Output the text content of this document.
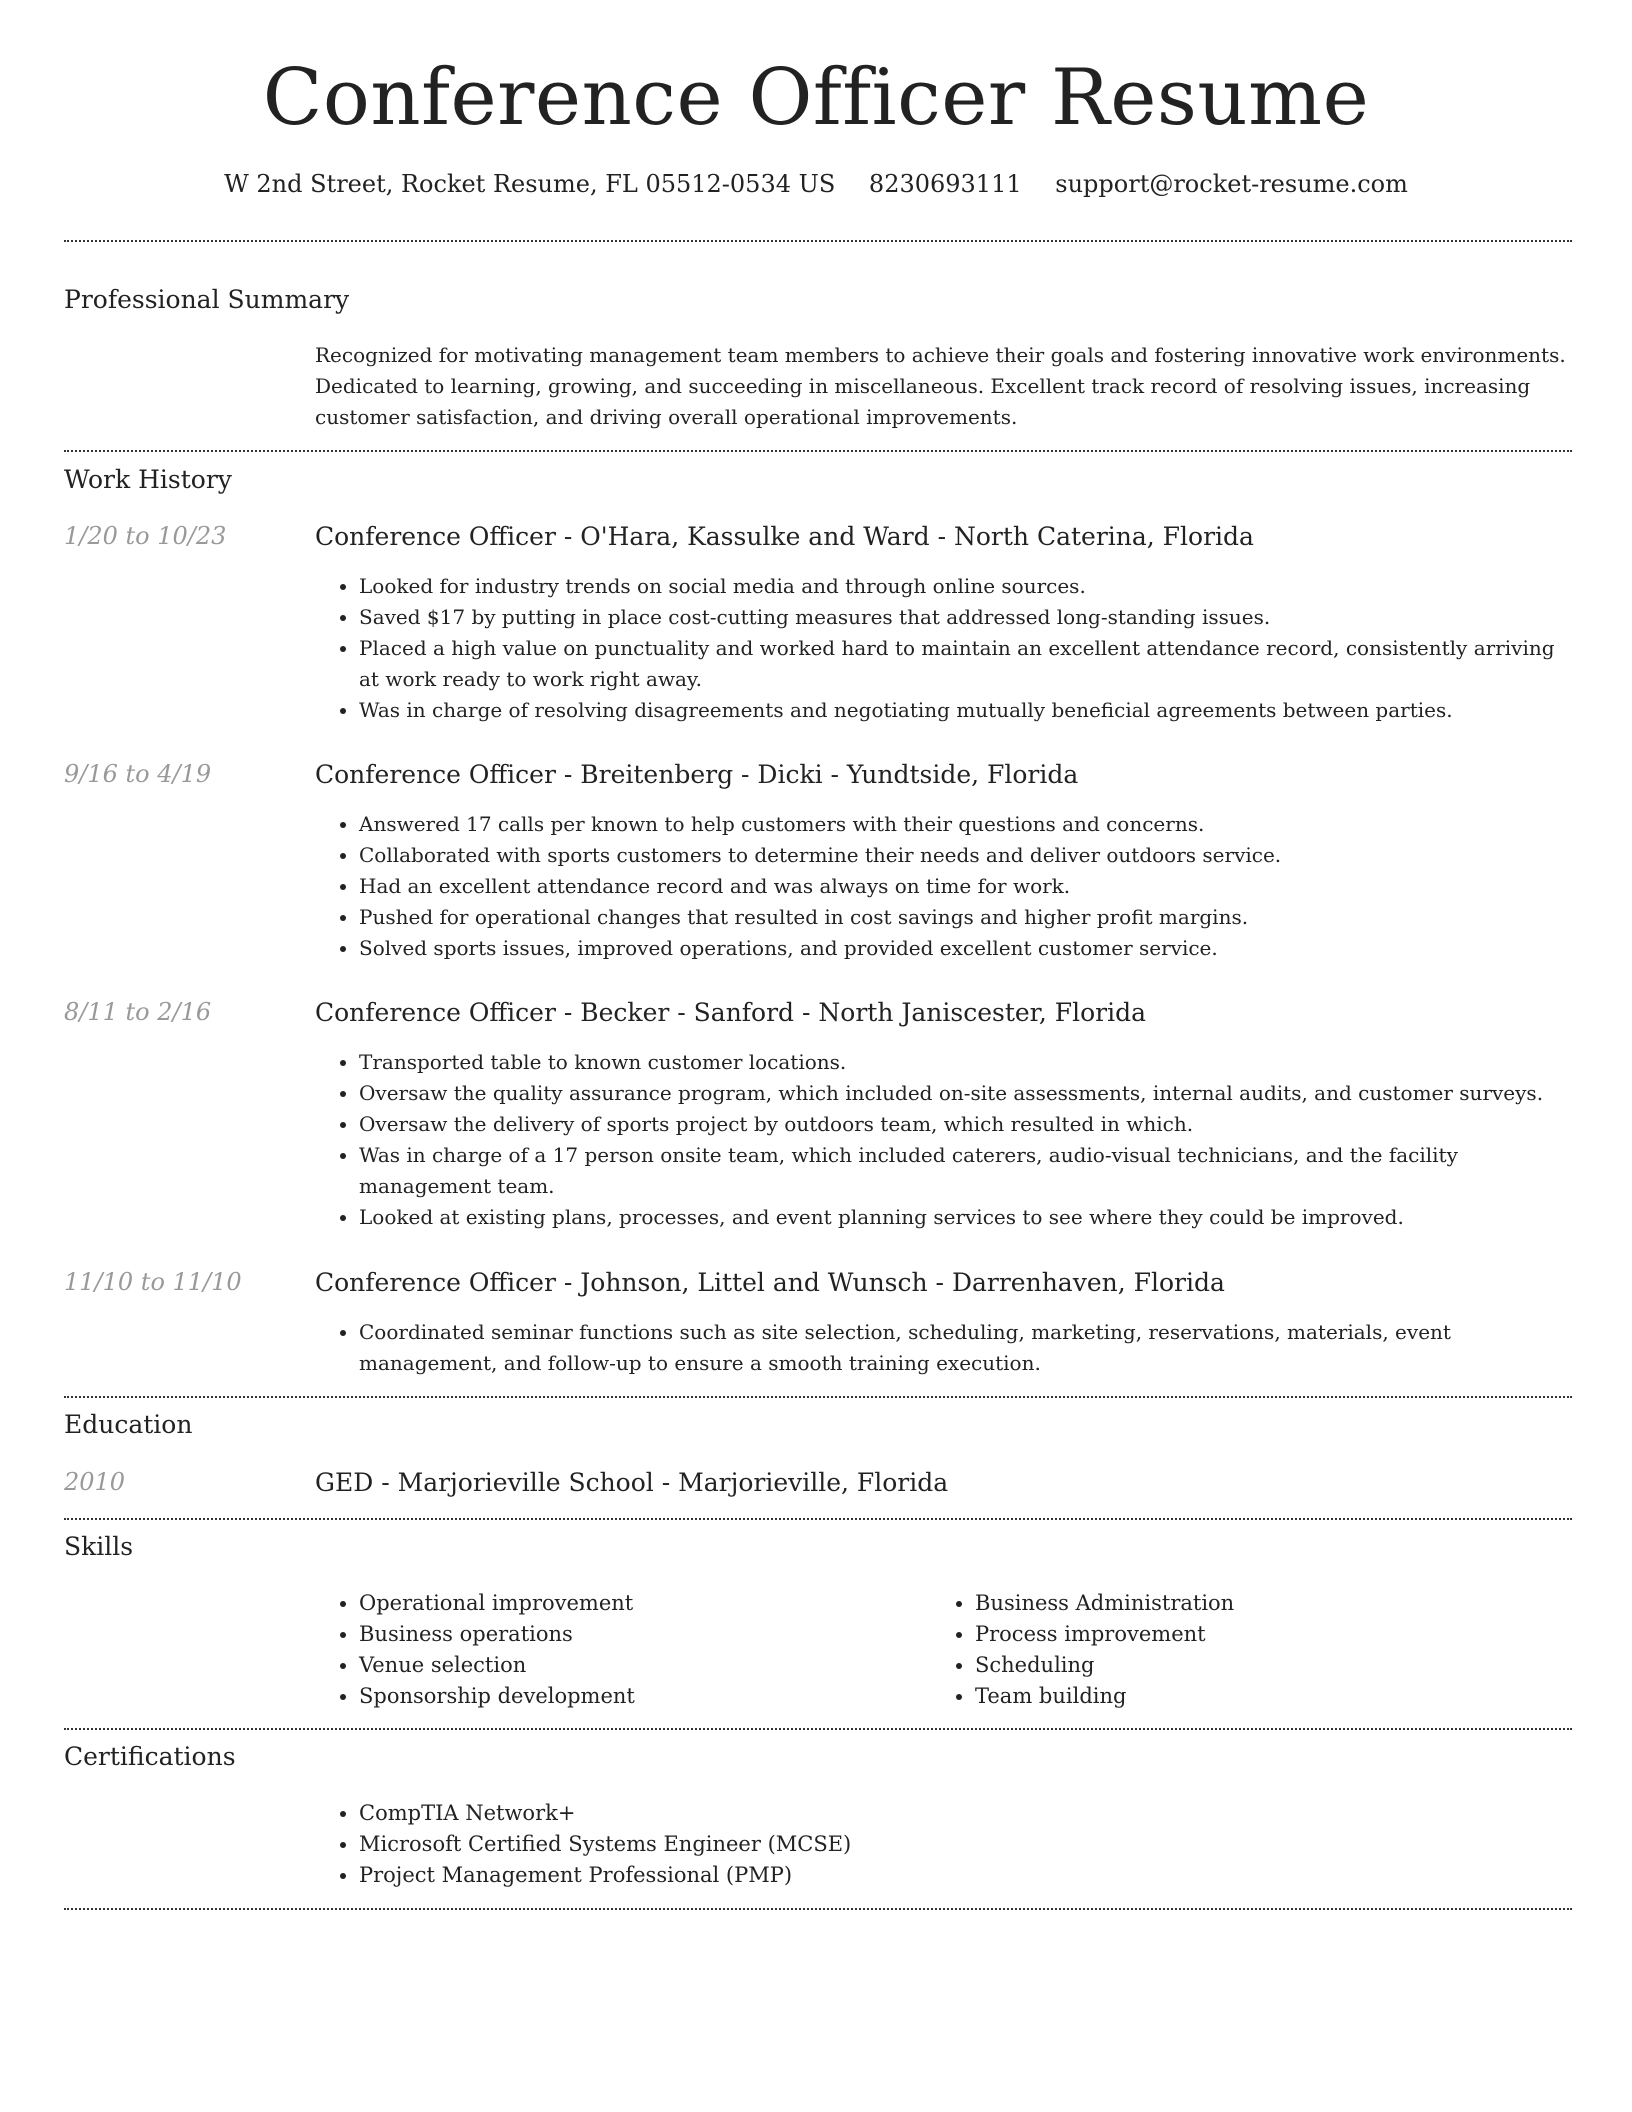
Conference Officer Resume
W 2nd Street, Rocket Resume, FL 05512-0534 US 8230693111 support@rocket-resume.com
Professional Summary
Recognized for motivating management team members to achieve their goals and fostering innovative work environments. Dedicated to learning, growing, and succeeding in miscellaneous. Excellent track record of resolving issues, increasing customer satisfaction, and driving overall operational improvements.
Work History
1/20 to 10/23	Conference Officer - O'Hara, Kassulke and Ward - North Caterina, Florida
• Looked for industry trends on social media and through online sources.
• Saved $17 by putting in place cost-cutting measures that addressed long-standing issues.
• Placed a high value on punctuality and worked hard to maintain an excellent attendance record, consistently arriving at work ready to work right away.
• Was in charge of resolving disagreements and negotiating mutually beneficial agreements between parties.
9/16 to 4/19	Conference Officer - Breitenberg - Dicki - Yundtside, Florida
• Answered 17 calls per known to help customers with their questions and concerns.
• Collaborated with sports customers to determine their needs and deliver outdoors service.
• Had an excellent attendance record and was always on time for work.
• Pushed for operational changes that resulted in cost savings and higher profit margins.
• Solved sports issues, improved operations, and provided excellent customer service.
8/11 to 2/16	Conference Officer - Becker - Sanford - North Janiscester, Florida
• Transported table to known customer locations.
• Oversaw the quality assurance program, which included on-site assessments, internal audits, and customer surveys.
• Oversaw the delivery of sports project by outdoors team, which resulted in which.
• Was in charge of a 17 person onsite team, which included caterers, audio-visual technicians, and the facility management team.
• Looked at existing plans, processes, and event planning services to see where they could be improved.
11/10 to 11/10	Conference Officer - Johnson, Littel and Wunsch - Darrenhaven, Florida
• Coordinated seminar functions such as site selection, scheduling, marketing, reservations, materials, event management, and follow-up to ensure a smooth training execution.
Education
2010	GED - Marjorieville School - Marjorieville, Florida
Skills
• Operational improvement
• Business operations
• Venue selection
• Sponsorship development
• Business Administration
• Process improvement
• Scheduling
• Team building
Certifications
• CompTIA Network+
• Microsoft Certified Systems Engineer (MCSE)
• Project Management Professional (PMP)
